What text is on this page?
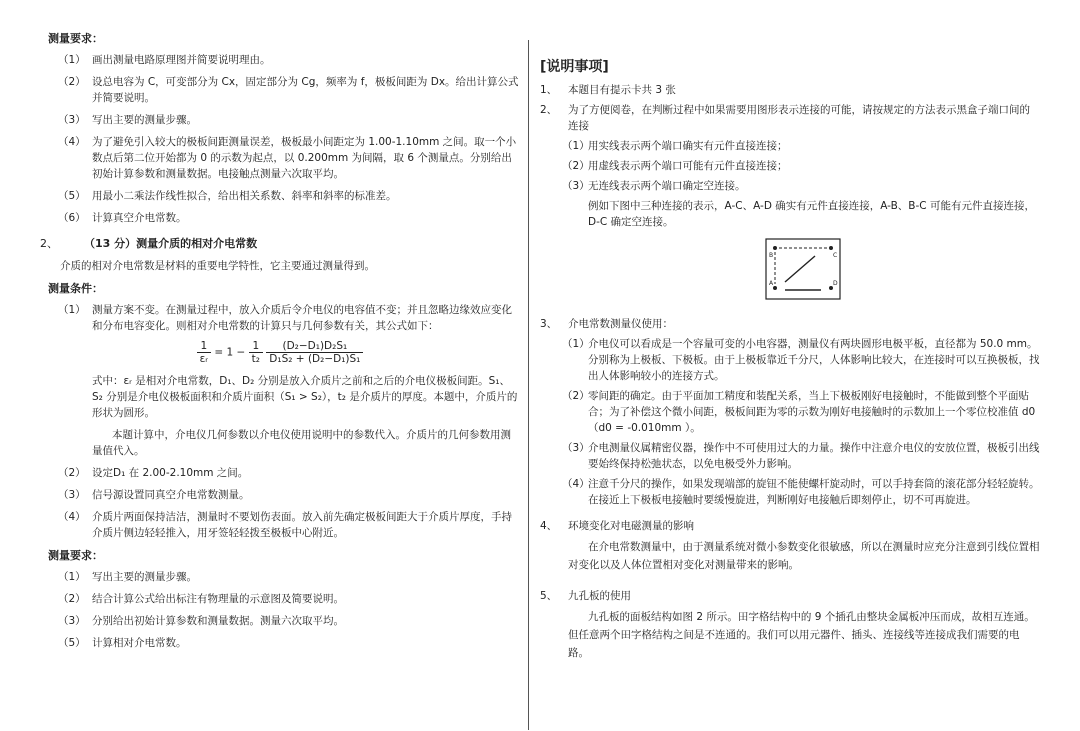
测量要求：
（1） 画出测量电路原理图并简要说明理由。
（2） 设总电容为 C，可变部分为 Cx，固定部分为 Cg，频率为 f，极板间距为 Dx。给出计算公式并简要说明。
（3） 写出主要的测量步骤。
（4） 为了避免引入较大的极板间距测量误差，极板最小间距定为 1.00-1.10mm 之间。取一个小数点后第二位开始都为 0 的示数为起点，以 0.200mm 为间隔，取 6 个测量点。分别给出初始计算参数和测量数据。电接触点测量六次取平均。
（5） 用最小二乘法作线性拟合，给出相关系数、斜率和斜率的标准差。
（6） 计算真空介电常数。
2、 （13 分）测量介质的相对介电常数
介质的相对介电常数是材料的重要电学特性，它主要通过测量得到。
测量条件：
（1） 测量方案不变。在测量过程中，放入介质后令介电仪的电容值不变；并且忽略边缘效应变化和分布电容变化。则相对介电常数的计算只与几何参数有关，其公式如下：
$\frac{1}{\text{εᵣ}} = 1 - \frac{1}{\text{t₂}}$
$\frac{\text{(D₂−D₁)D₂S₁}}{\text{D₁S₂ + (D₂−D₁)S₁}}$
式中：εᵣ 是相对介电常数，D₁、D₂ 分别是放入介质片之前和之后的介电仪极板间距。S₁、S₂ 分别是介电仪极板面积和介质片面积（S₁ > S₂），t₂ 是介质片的厚度。本题中，介质片的形状为圆形。
本题计算中，介电仪几何参数以介电仪使用说明中的参数代入。介质片的几何参数用测量值代入。
（2） 设定D₁ 在 2.00-2.10mm 之间。
（3） 信号源设置同真空介电常数测量。
（4） 介质片两面保持洁洁，测量时不要划伤表面。放入前先确定极板间距大于介质片厚度，手持介质片侧边轻轻推入，用牙签轻轻拨至极板中心附近。
测量要求：
（1） 写出主要的测量步骤。
（2） 结合计算公式给出标注有物理量的示意图及简要说明。
（3） 分别给出初始计算参数和测量数据。测量六次取平均。
（5） 计算相对介电常数。
[说明事项]
1、 本题目有提示卡共 3 张
2、 为了方便阅卷，在判断过程中如果需要用图形表示连接的可能，请按规定的方法表示黑盒子端口间的连接
（1）
用实线表示两个端口确实有元件直接连接；
（2）
用虚线表示两个端口可能有元件直接连接；
（3）
无连线表示两个端口确定空连接。
例如下图中三种连接的表示，A-C、A-D 确实有元件直接连接，A-B、B-C 可能有元件直接连接，D-C 确定空连接。
B	C
A	D
3、 介电常数测量仪使用：
（1）
介电仪可以看成是一个容量可变的小电容器，测量仪有两块圆形电极平板，直径都为 50.0 mm。分别称为上极板、下极板。由于上极板靠近千分尺，人体影响比较大，在连接时可以互换极板，找出人体影响较小的连接方式。
（2）
零间距的确定。由于平面加工精度和装配关系，当上下极板刚好电接触时，不能做到整个平面贴合；为了补偿这个微小间距，极板间距为零的示数为刚好电接触时的示数加上一个零位校准值 d0（d0 = -0.010mm ）。
（3）
介电测量仪属精密仪器，操作中不可使用过大的力量。操作中注意介电仪的安放位置，极板引出线要始终保持松弛状态，以免电极受外力影响。
（4）
注意千分尺的操作，如果发现端部的旋钮不能使螺杆旋动时，可以手持套筒的滚花部分轻轻旋转。在接近上下极板电接触时要缓慢旋进，判断刚好电接触后即刻停止，切不可再旋进。
4、 环境变化对电磁测量的影响
在介电常数测量中，由于测量系统对微小参数变化很敏感，所以在测量时应充分注意到引线位置相对变化以及人体位置相对变化对测量带来的影响。
5、 九孔板的使用
九孔板的面板结构如图 2 所示。田字格结构中的 9 个插孔由整块金属板冲压而成，故相互连通。但任意两个田字格结构之间是不连通的。我们可以用元器件、插头、连接线等连接成我们需要的电路。
